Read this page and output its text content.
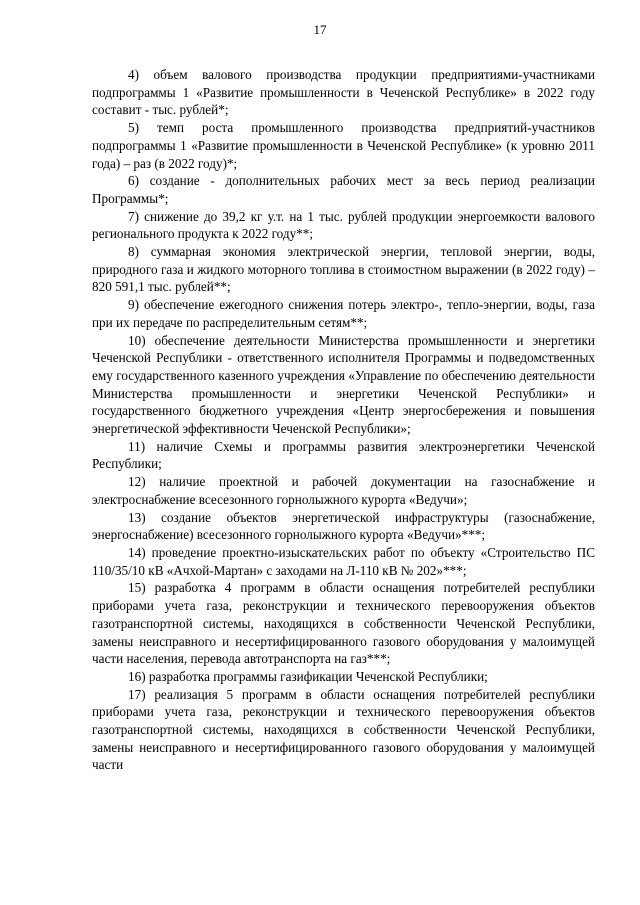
17

4) объем валового производства продукции предприятиями-участниками подпрограммы 1 «Развитие промышленности в Чеченской Республике» в 2022 году составит - тыс. рублей*;

5) темп роста промышленного производства предприятий-участников подпрограммы 1 «Развитие промышленности в Чеченской Республике» (к уровню 2011 года) – раз (в 2022 году)*;

6) создание - дополнительных рабочих мест за весь период реализации Программы*;

7) снижение до 39,2 кг у.т. на 1 тыс. рублей продукции энергоемкости валового регионального продукта к 2022 году**;

8) суммарная экономия электрической энергии, тепловой энергии, воды, природного газа и жидкого моторного топлива в стоимостном выражении (в 2022 году) – 820 591,1 тыс. рублей**;

9) обеспечение ежегодного снижения потерь электро-, тепло-энергии, воды, газа при их передаче по распределительным сетям**;

10) обеспечение деятельности Министерства промышленности и энергетики Чеченской Республики - ответственного исполнителя Программы и подведомственных ему государственного казенного учреждения «Управление по обеспечению деятельности Министерства промышленности и энергетики Чеченской Республики» и государственного бюджетного учреждения «Центр энергосбережения и повышения энергетической эффективности Чеченской Республики»;

11) наличие Схемы и программы развития электроэнергетики Чеченской Республики;

12) наличие проектной и рабочей документации на газоснабжение и электроснабжение всесезонного горнолыжного курорта «Ведучи»;

13) создание объектов энергетической инфраструктуры (газоснабжение, энергоснабжение) всесезонного горнолыжного курорта «Ведучи»***;

14) проведение проектно-изыскательских работ по объекту «Строительство ПС 110/35/10 кВ «Ачхой-Мартан» с заходами на Л-110 кВ № 202»***;

15) разработка 4 программ в области оснащения потребителей республики приборами учета газа, реконструкции и технического перевооружения объектов газотранспортной системы, находящихся в собственности Чеченской Республики, замены неисправного и несертифицированного газового оборудования у малоимущей части населения, перевода автотранспорта на газ***;

16) разработка программы газификации Чеченской Республики;

17) реализация 5 программ в области оснащения потребителей республики приборами учета газа, реконструкции и технического перевооружения объектов газотранспортной системы, находящихся в собственности Чеченской Республики, замены неисправного и несертифицированного газового оборудования у малоимущей части
